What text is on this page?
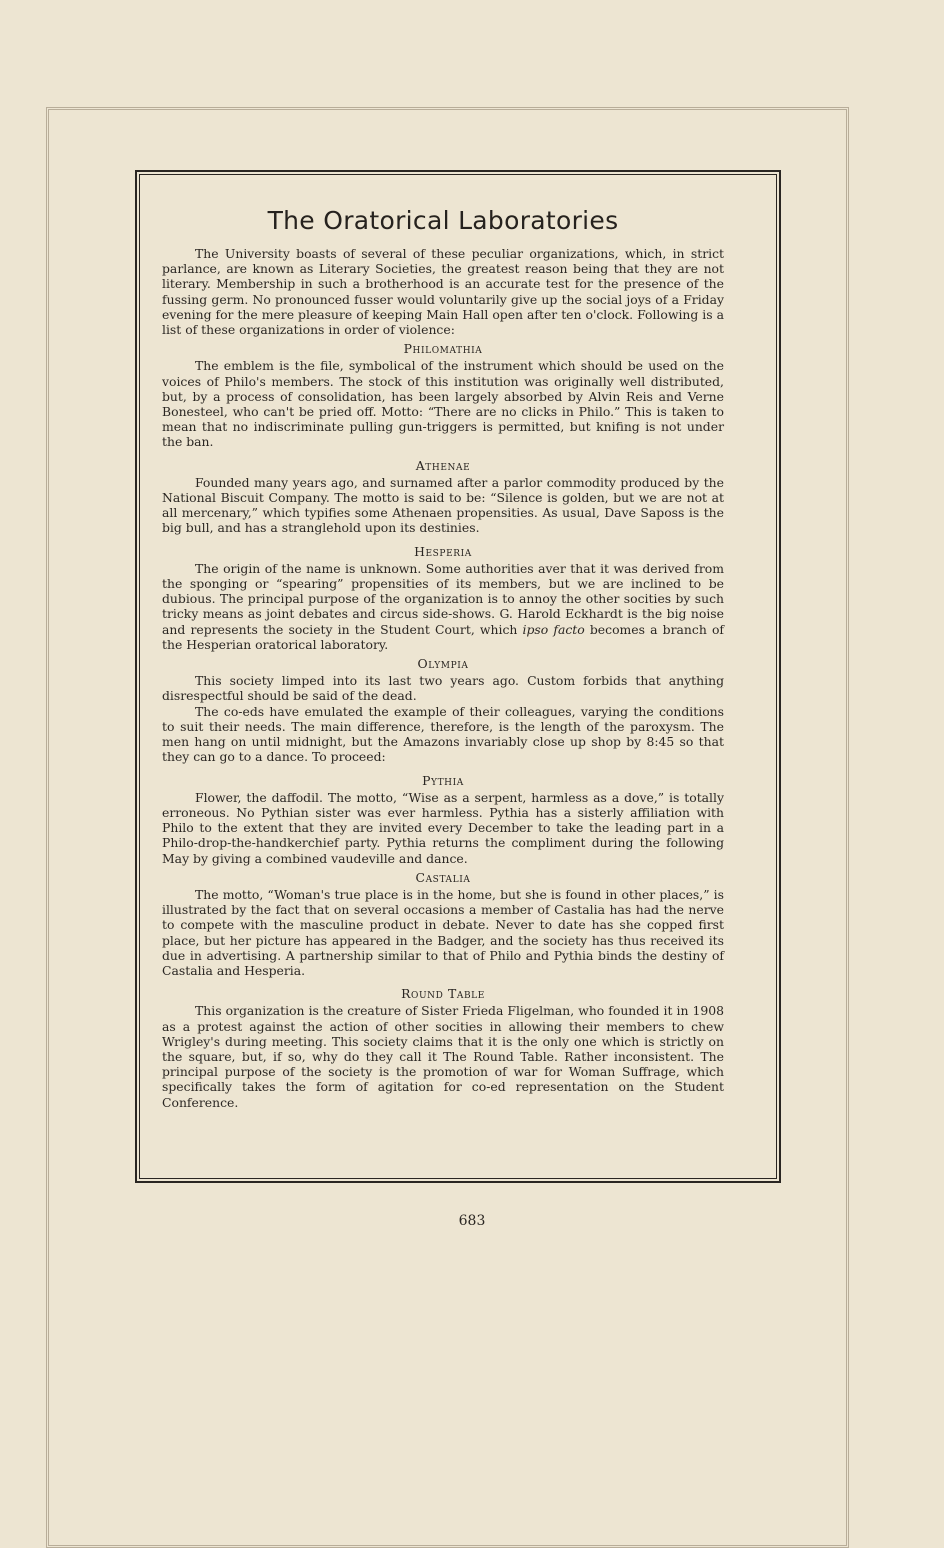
The Oratorical Laboratories

The University boasts of several of these peculiar organizations, which, in strict parlance, are known as Literary Societies, the greatest reason being that they are not literary. Membership in such a brotherhood is an accurate test for the presence of the fussing germ. No pronounced fusser would voluntarily give up the social joys of a Friday evening for the mere pleasure of keeping Main Hall open after ten o'clock. Following is a list of these organizations in order of violence:

Philomathia

The emblem is the file, symbolical of the instrument which should be used on the voices of Philo's members. The stock of this institution was originally well distributed, but, by a process of consolidation, has been largely absorbed by Alvin Reis and Verne Bonesteel, who can't be pried off. Motto: “There are no clicks in Philo.” This is taken to mean that no indiscriminate pulling gun-triggers is permitted, but knifing is not under the ban.

Athenae

Founded many years ago, and surnamed after a parlor commodity produced by the National Biscuit Company. The motto is said to be: “Silence is golden, but we are not at all mercenary,” which typifies some Athenaen propensities. As usual, Dave Saposs is the big bull, and has a stranglehold upon its destinies.

Hesperia

The origin of the name is unknown. Some authorities aver that it was derived from the sponging or “spearing” propensities of its members, but we are inclined to be dubious. The principal purpose of the organization is to annoy the other socities by such tricky means as joint debates and circus side-shows. G. Harold Eckhardt is the big noise and represents the society in the Student Court, which ipso facto becomes a branch of the Hesperian oratorical laboratory.

Olympia

This society limped into its last two years ago. Custom forbids that anything disrespectful should be said of the dead.

The co-eds have emulated the example of their colleagues, varying the conditions to suit their needs. The main difference, therefore, is the length of the paroxysm. The men hang on until midnight, but the Amazons invariably close up shop by 8:45 so that they can go to a dance. To proceed:

Pythia

Flower, the daffodil. The motto, “Wise as a serpent, harmless as a dove,” is totally erroneous. No Pythian sister was ever harmless. Pythia has a sisterly affiliation with Philo to the extent that they are invited every December to take the leading part in a Philo-drop-the-handkerchief party. Pythia returns the compliment during the following May by giving a combined vaudeville and dance.

Castalia

The motto, “Woman's true place is in the home, but she is found in other places,” is illustrated by the fact that on several occasions a member of Castalia has had the nerve to compete with the masculine product in debate. Never to date has she copped first place, but her picture has appeared in the Badger, and the society has thus received its due in advertising. A partnership similar to that of Philo and Pythia binds the destiny of Castalia and Hesperia.

Round Table

This organization is the creature of Sister Frieda Fligelman, who founded it in 1908 as a protest against the action of other socities in allowing their members to chew Wrigley's during meeting. This society claims that it is the only one which is strictly on the square, but, if so, why do they call it The Round Table. Rather inconsistent. The principal purpose of the society is the promotion of war for Woman Suffrage, which specifically takes the form of agitation for co-ed representation on the Student Conference.

683
